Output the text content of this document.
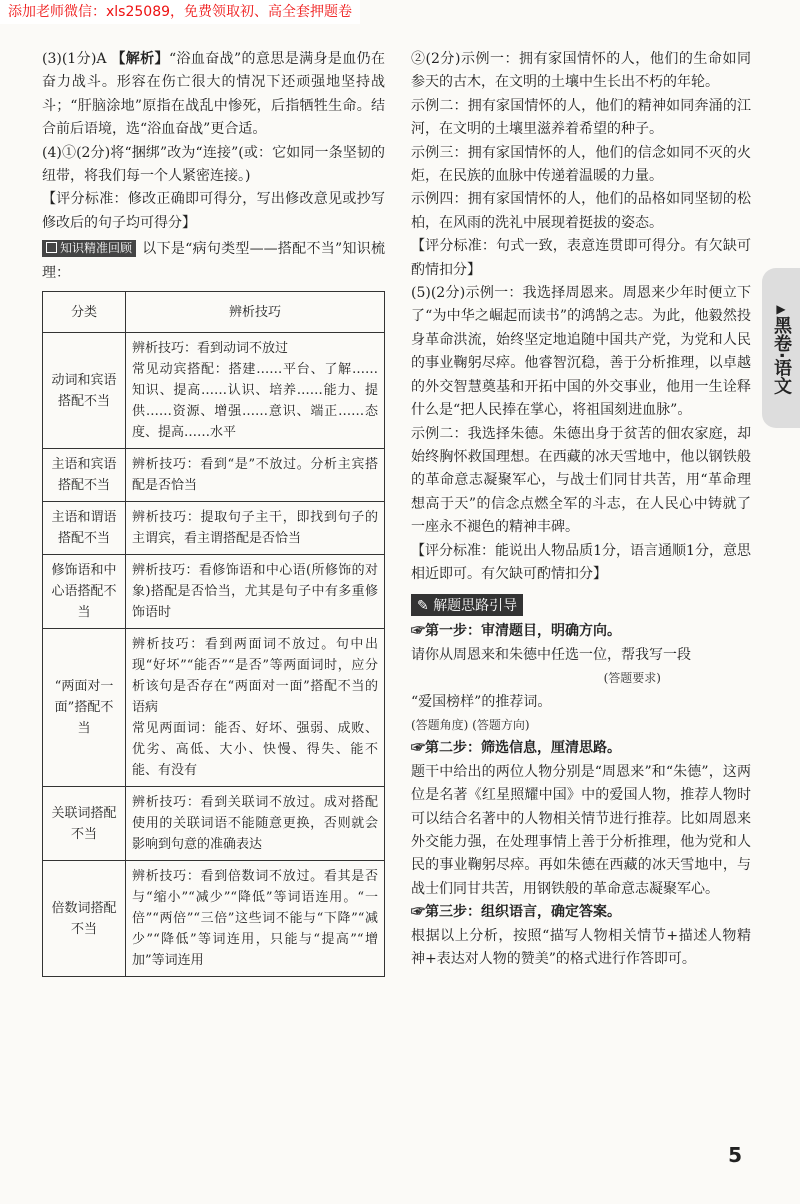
添加老师微信：xls25089，免费领取初、高全套押题卷

(3)(1分)A 【解析】“浴血奋战”的意思是满身是血仍在奋力战斗。形容在伤亡很大的情况下还顽强地坚持战斗；“肝脑涂地”原指在战乱中惨死，后指牺牲生命。结合前后语境，选“浴血奋战”更合适。

(4)①(2分)将“捆绑”改为“连接”(或：它如同一条坚韧的纽带，将我们每一个人紧密连接。)

【评分标准：修改正确即可得分，写出修改意见或抄写修改后的句子均可得分】

知识精准回顾 以下是“病句类型——搭配不当”知识梳理：

分类	辨析技巧
动词和宾语搭配不当	辨析技巧：看到动词不放过
常见动宾搭配：搭建……平台、了解……知识、提高……认识、培养……能力、提供……资源、增强……意识、端正……态度、提高……水平
主语和宾语搭配不当	辨析技巧：看到“是”不放过。分析主宾搭配是否恰当
主语和谓语搭配不当	辨析技巧：提取句子主干，即找到句子的主谓宾，看主谓搭配是否恰当
修饰语和中心语搭配不当	辨析技巧：看修饰语和中心语(所修饰的对象)搭配是否恰当，尤其是句子中有多重修饰语时
“两面对一面”搭配不当	辨析技巧：看到两面词不放过。句中出现“好坏”“能否”“是否”等两面词时，应分析该句是否存在“两面对一面”搭配不当的语病
常见两面词：能否、好坏、强弱、成败、优劣、高低、大小、快慢、得失、能不能、有没有
关联词搭配不当	辨析技巧：看到关联词不放过。成对搭配使用的关联词语不能随意更换，否则就会影响到句意的准确表达
倍数词搭配不当	辨析技巧：看到倍数词不放过。看其是否与“缩小”“减少”“降低”等词语连用。“一倍”“两倍”“三倍”这些词不能与“下降”“减少”“降低”等词连用，只能与“提高”“增加”等词连用

②(2分)示例一：拥有家国情怀的人，他们的生命如同参天的古木，在文明的土壤中生长出不朽的年轮。

示例二：拥有家国情怀的人，他们的精神如同奔涌的江河，在文明的土壤里滋养着希望的种子。

示例三：拥有家国情怀的人，他们的信念如同不灭的火炬，在民族的血脉中传递着温暖的力量。

示例四：拥有家国情怀的人，他们的品格如同坚韧的松柏，在风雨的洗礼中展现着挺拔的姿态。

【评分标准：句式一致，表意连贯即可得分。有欠缺可酌情扣分】

(5)(2分)示例一：我选择周恩来。周恩来少年时便立下了“为中华之崛起而读书”的鸿鹄之志。为此，他毅然投身革命洪流，始终坚定地追随中国共产党，为党和人民的事业鞠躬尽瘁。他睿智沉稳，善于分析推理，以卓越的外交智慧奠基和开拓中国的外交事业，他用一生诠释什么是“把人民捧在掌心，将祖国刻进血脉”。

示例二：我选择朱德。朱德出身于贫苦的佃农家庭，却始终胸怀救国理想。在西藏的冰天雪地中，他以钢铁般的革命意志凝聚军心，与战士们同甘共苦，用“革命理想高于天”的信念点燃全军的斗志，在人民心中铸就了一座永不褪色的精神丰碑。

【评分标准：能说出人物品质1分，语言通顺1分，意思相近即可。有欠缺可酌情扣分】

✎ 解题思路引导

☞第一步：审清题目，明确方向。

请你从周恩来和朱德中任选一位，帮我写一段

(答题要求)

“爱国榜样”的推荐词。

(答题角度) (答题方向)

☞第二步：筛选信息，厘清思路。

题干中给出的两位人物分别是“周恩来”和“朱德”，这两位是名著《红星照耀中国》中的爱国人物，推荐人物时可以结合名著中的人物相关情节进行推荐。比如周恩来外交能力强，在处理事情上善于分析推理，他为党和人民的事业鞠躬尽瘁。再如朱德在西藏的冰天雪地中，与战士们同甘共苦，用钢铁般的革命意志凝聚军心。

☞第三步：组织语言，确定答案。

根据以上分析，按照“描写人物相关情节+描述人物精神+表达对人物的赞美”的格式进行作答即可。

▶黑卷·语文
5
